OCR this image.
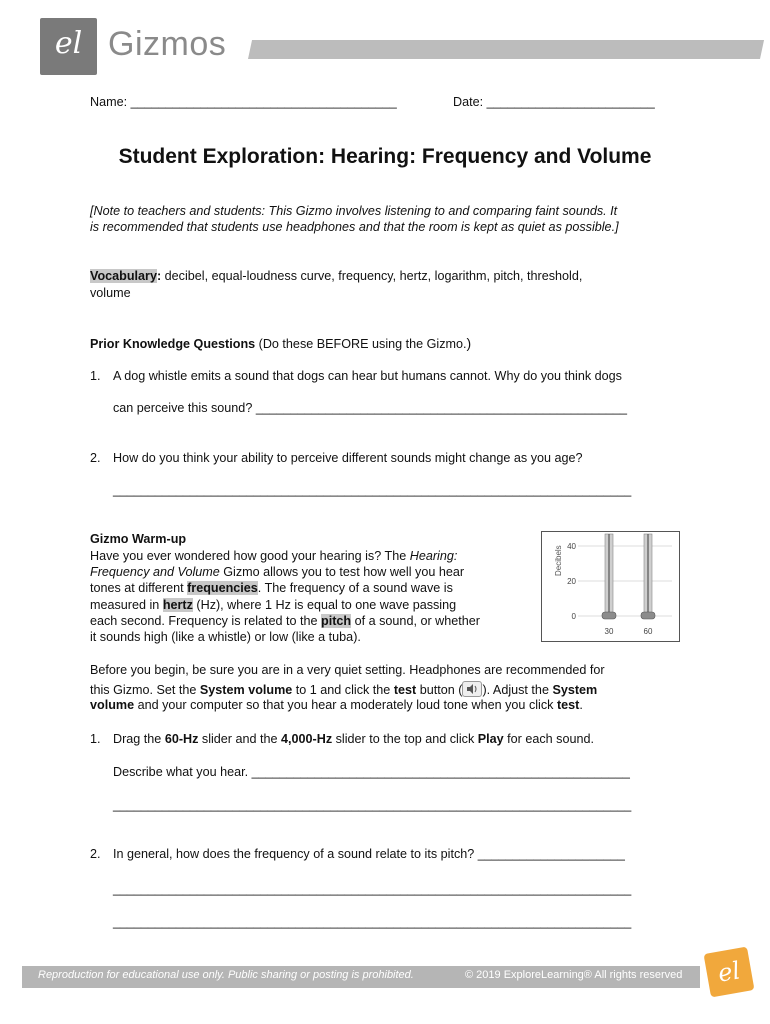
el Gizmos
Name: ______________________________________	Date: ________________________
Student Exploration: Hearing: Frequency and Volume
[Note to teachers and students: This Gizmo involves listening to and comparing faint sounds. It
is recommended that students use headphones and that the room is kept as quiet as possible.]
Vocabulary: decibel, equal-loudness curve, frequency, hertz, logarithm, pitch, threshold,
volume
Prior Knowledge Questions (Do these BEFORE using the Gizmo.)
1. A dog whistle emits a sound that dogs can hear but humans cannot. Why do you think dogs
can perceive this sound? _____________________________________________________
2. How do you think your ability to perceive different sounds might change as you age?
__________________________________________________________________________
Gizmo Warm-up
Have you ever wondered how good your hearing is? The Hearing:
Frequency and Volume Gizmo allows you to test how well you hear
tones at different frequencies. The frequency of a sound wave is
measured in hertz (Hz), where 1 Hz is equal to one wave passing
each second. Frequency is related to the pitch of a sound, or whether
it sounds high (like a whistle) or low (like a tuba).
Decibels 40
20
0
30	60
Before you begin, be sure you are in a very quiet setting. Headphones are recommended for
this Gizmo. Set the System volume to 1 and click the test button ( ). Adjust the System
volume and your computer so that you hear a moderately loud tone when you click test.
1. Drag the 60-Hz slider and the 4,000-Hz slider to the top and click Play for each sound.
Describe what you hear. ______________________________________________________
__________________________________________________________________________
2. In general, how does the frequency of a sound relate to its pitch? _____________________
__________________________________________________________________________
__________________________________________________________________________
Reproduction for educational use only. Public sharing or posting is prohibited.	© 2019 ExploreLearning® All rights reserved	el
